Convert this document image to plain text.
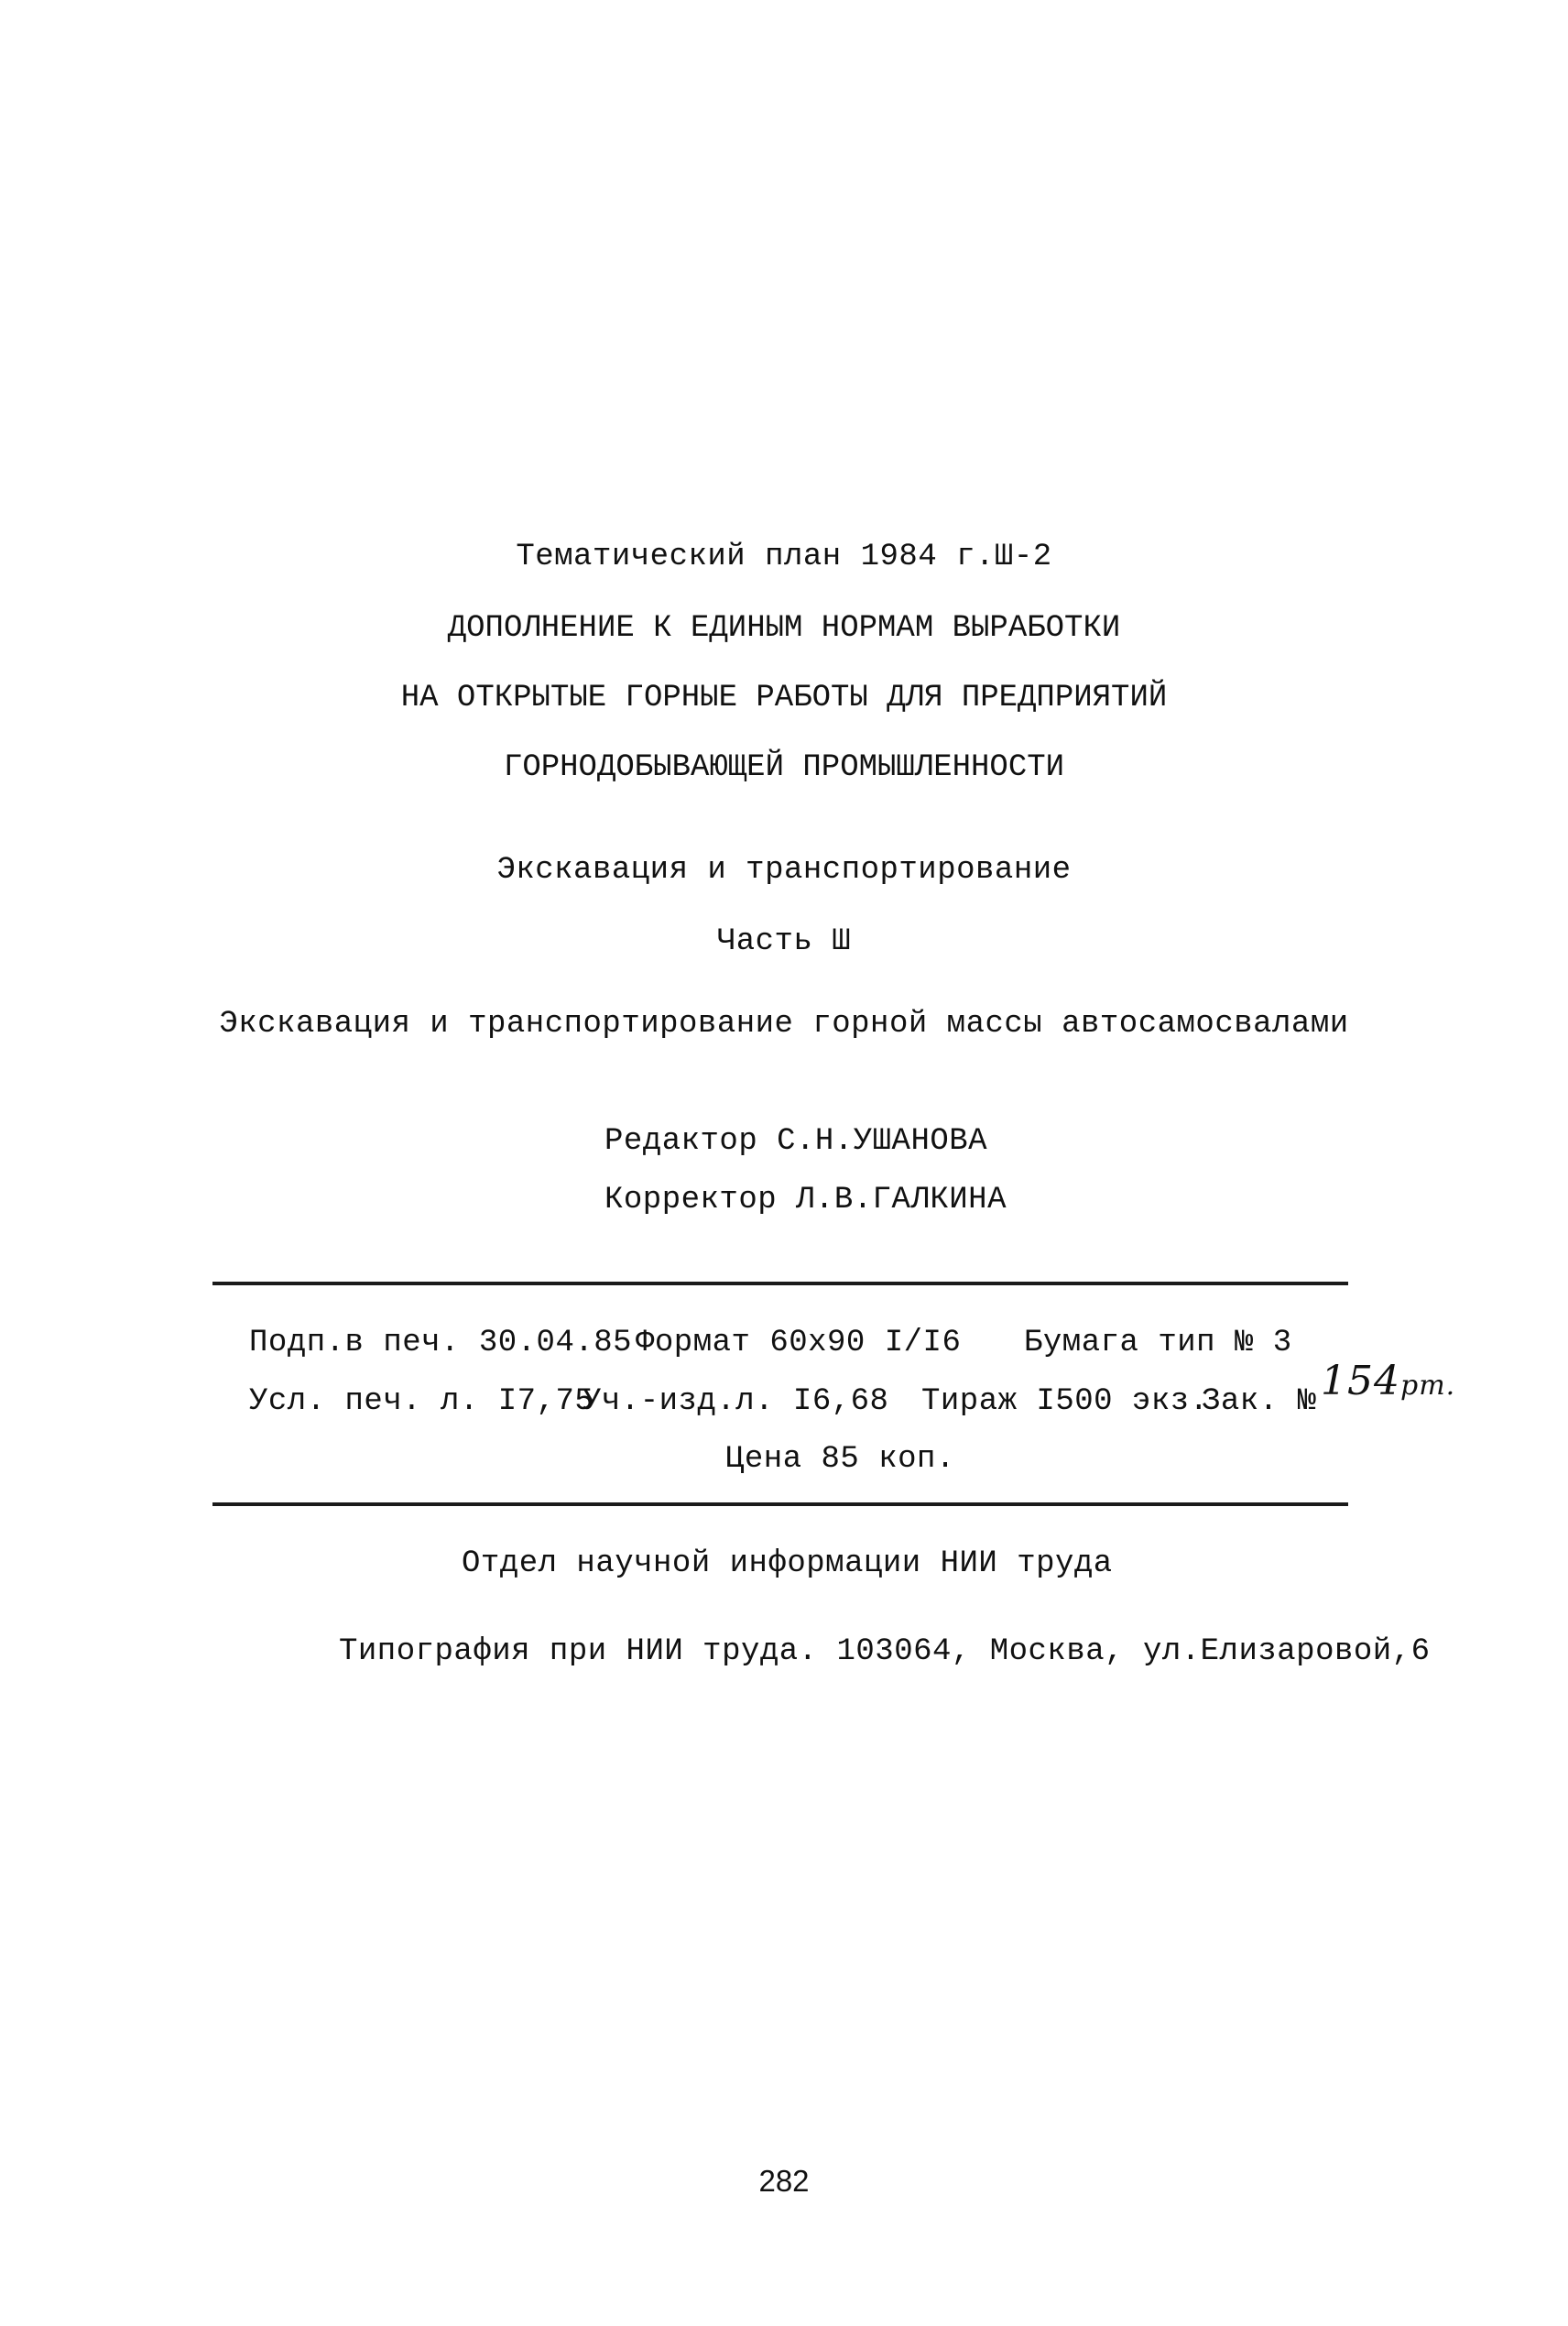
Тематический план 1984 г.Ш-2
ДОПОЛНЕНИЕ К ЕДИНЫМ НОРМАМ ВЫРАБОТКИ
НА ОТКРЫТЫЕ ГОРНЫЕ РАБОТЫ ДЛЯ ПРЕДПРИЯТИЙ
ГОРНОДОБЫВАЮЩЕЙ ПРОМЫШЛЕННОСТИ
Экскавация и транспортирование
Часть Ш
Экскавация и транспортирование горной массы автосамосвалами
Редактор С.Н.УШАНОВА
Корректор Л.В.ГАЛКИНА
Подп.в печ. 30.04.85 Формат 60x90 I/I6 Бумага тип № 3
Усл. печ. л. I7,75
Уч.-изд.л. I6,68 Тираж I500 экз.
Зак. № 154рт.
Цена 85 коп.
Отдел научной информации НИИ труда
Типография при НИИ труда. 103064, Москва, ул.Елизаровой,6
282
